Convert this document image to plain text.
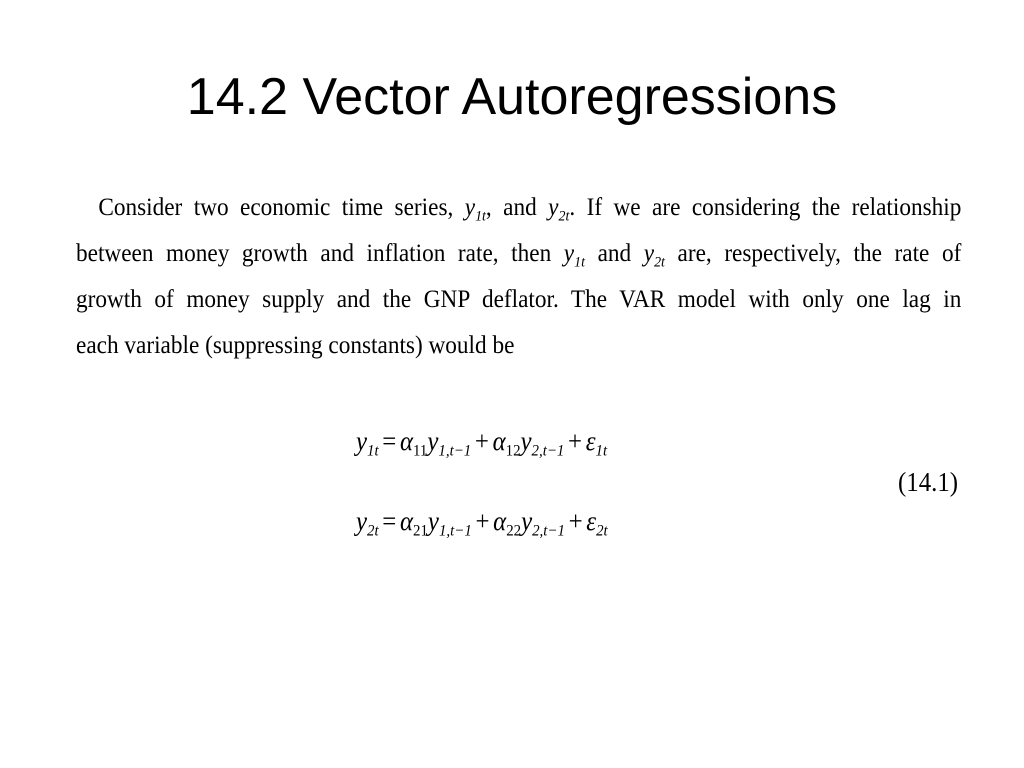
14.2 Vector Autoregressions
Consider two economic time series, $y_{1t}$, and $y_{2t}$. If we are considering the relationship
between money growth and inflation rate, then $y_{1t}$ and $y_{2t}$ are, respectively, the rate of
growth of money supply and the GNP deflator. The VAR model with only one lag in
each variable (suppressing constants) would be
$y_{1t} = \alpha_{11}y_{1,t-1} + \alpha_{12}y_{2,t-1} + \varepsilon_{1t}$
$y_{2t} = \alpha_{21}y_{1,t-1} + \alpha_{22}y_{2,t-1} + \varepsilon_{2t}$
(14.1)
